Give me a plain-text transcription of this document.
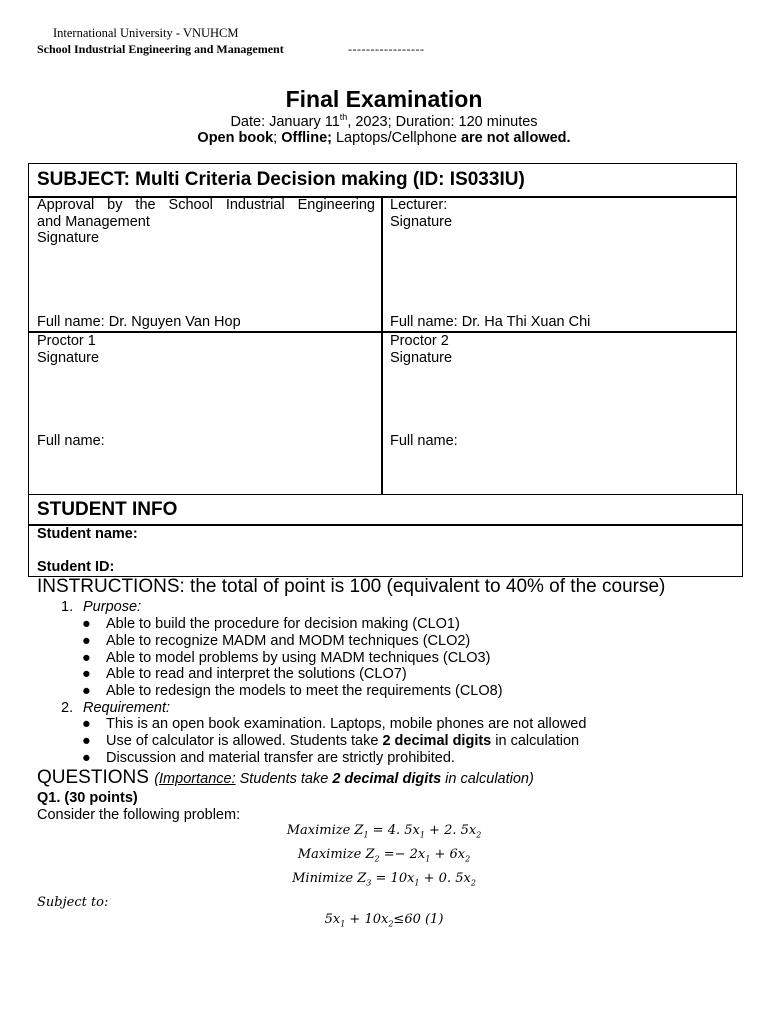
International University - VNUHCM
School Industrial Engineering and Management	-----------------
Final Examination
Date: January 11th, 2023; Duration: 120 minutes
Open book; Offline; Laptops/Cellphone are not allowed.
SUBJECT: Multi Criteria Decision making (ID: IS033IU)
Approval by the School Industrial Engineering
and Management
Signature
Full name: Dr. Nguyen Van Hop
Lecturer:
Signature
Full name: Dr. Ha Thi Xuan Chi
Proctor 1
Signature
Full name:
Proctor 2
Signature
Full name:
STUDENT INFO
Student name:
Student ID:
INSTRUCTIONS: the total of point is 100 (equivalent to 40% of the course)
1. Purpose:
● Able to build the procedure for decision making (CLO1)
● Able to recognize MADM and MODM techniques (CLO2)
● Able to model problems by using MADM techniques (CLO3)
● Able to read and interpret the solutions (CLO7)
● Able to redesign the models to meet the requirements (CLO8)
2. Requirement:
● This is an open book examination. Laptops, mobile phones are not allowed
● Use of calculator is allowed. Students take 2 decimal digits in calculation
● Discussion and material transfer are strictly prohibited.
QUESTIONS (Importance: Students take 2 decimal digits in calculation)
Q1. (30 points)
Consider the following problem:
Maximize $Z_1 = 4$. $5x_1 + 2$. $5x_2$
Maximize $Z_2 =- 2x_1 + 6x_2$
Minimize $Z_3 = 10x_1 + 0$. $5x_2$
Subject to:
$5x_1 + 10x_2\le 60$ (1)
